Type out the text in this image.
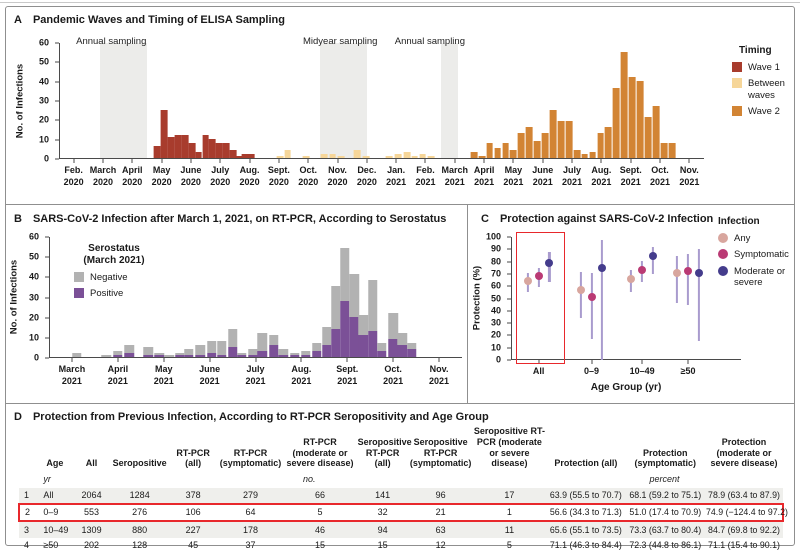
A Pandemic Waves and Timing of ELISA Sampling
No. of Infections
0
10
20
30
40
50
60
Feb.
2020
March
2020
April
2020
May
2020
June
2020
July
2020
Aug.
2020
Sept.
2020
Oct.
2020
Nov.
2020
Dec.
2020
Jan.
2021
Feb.
2021
March
2021
April
2021
May
2021
June
2021
July
2021
Aug.
2021
Sept.
2021
Oct.
2021
Nov.
2021
Annual sampling	Midyear sampling Annual sampling
Timing
Wave 1
Between waves
Wave 2
B SARS-CoV-2 Infection after March 1, 2021, on RT-PCR, According to Serostatus
No. of Infections
0
10
20
30
40
50
60
March
2021
April
2021
May
2021
June
2021
July
2021
Aug.
2021
Sept.
2021
Oct.
2021
Nov.
2021
Serostatus
(March 2021)
Negative
Positive
C Protection against SARS-CoV-2 Infection
Protection (%)
0
10
20
30
40
50
60
70
80
90
100
All	0–9	10–49	≥50
Age Group (yr)
Infection
Any
Symptomatic
Moderate or severe
D Protection from Previous Infection, According to RT-PCR Seropositivity and Age Group
	Age	All	Seropositive	RT-PCR (all)	RT-PCR (symptomatic)	RT-PCR (moderate or severe disease)	Seropositive RT-PCR (all)	Seropositive RT-PCR (symptomatic)	Seropositive RT-PCR (moderate or severe disease)	Protection (all)	Protection (symptomatic)	Protection (moderate or severe disease)
	yr	no.								percent		
1	All	2064	1284	378	279	66	141	96	17	63.9 (55.5 to 70.7)	68.1 (59.2 to 75.1)	78.9 (63.4 to 87.9)
2	0–9	553	276	106	64	5	32	21	1	56.6 (34.3 to 71.3)	51.0 (17.4 to 70.9)	74.9 (−124.4 to 97.2)
3	10–49	1309	880	227	178	46	94	63	11	65.6 (55.1 to 73.5)	73.3 (63.7 to 80.4)	84.7 (69.8 to 92.2)
4	≥50	202	128	45	37	15	15	12	5	71.1 (46.3 to 84.4)	72.3 (44.8 to 86.1)	71.1 (15.4 to 90.1)
